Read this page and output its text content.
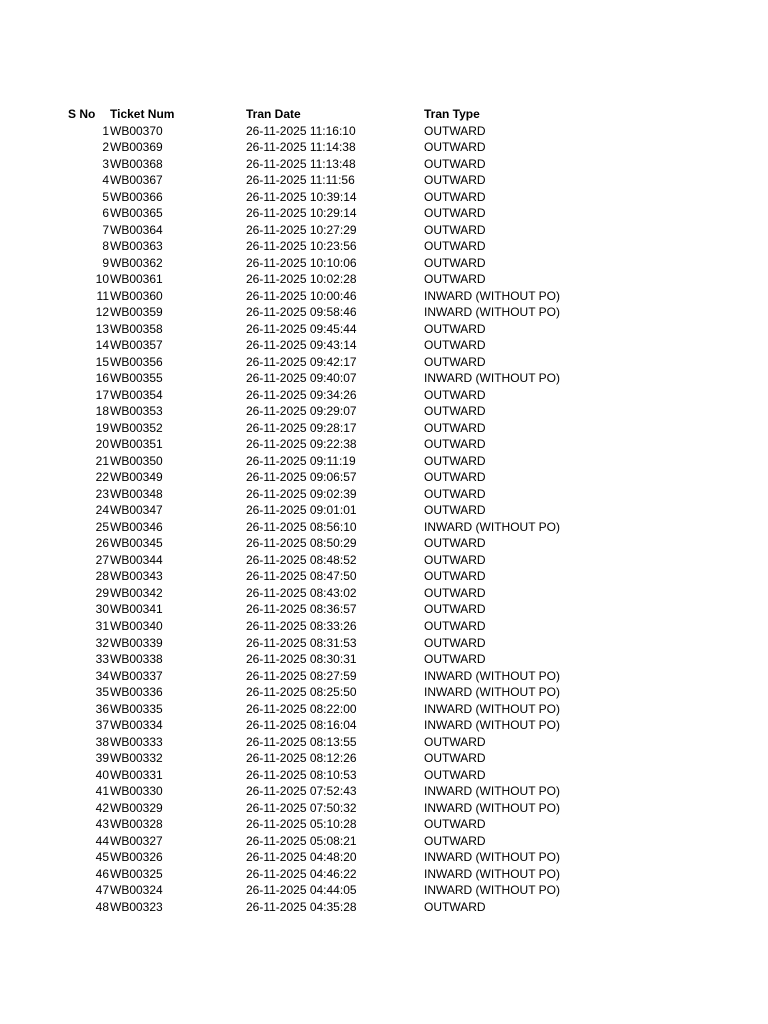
S No Ticket Num	Tran Date	Tran Type
1 WB00370	26-11-2025 11:16:10	OUTWARD
2 WB00369	26-11-2025 11:14:38	OUTWARD
3 WB00368	26-11-2025 11:13:48	OUTWARD
4 WB00367	26-11-2025 11:11:56	OUTWARD
5 WB00366	26-11-2025 10:39:14	OUTWARD
6 WB00365	26-11-2025 10:29:14	OUTWARD
7 WB00364	26-11-2025 10:27:29	OUTWARD
8 WB00363	26-11-2025 10:23:56	OUTWARD
9 WB00362	26-11-2025 10:10:06	OUTWARD
10 WB00361	26-11-2025 10:02:28	OUTWARD
11 WB00360	26-11-2025 10:00:46	INWARD (WITHOUT PO)
12 WB00359	26-11-2025 09:58:46	INWARD (WITHOUT PO)
13 WB00358	26-11-2025 09:45:44	OUTWARD
14 WB00357	26-11-2025 09:43:14	OUTWARD
15 WB00356	26-11-2025 09:42:17	OUTWARD
16 WB00355	26-11-2025 09:40:07	INWARD (WITHOUT PO)
17 WB00354	26-11-2025 09:34:26	OUTWARD
18 WB00353	26-11-2025 09:29:07	OUTWARD
19 WB00352	26-11-2025 09:28:17	OUTWARD
20 WB00351	26-11-2025 09:22:38	OUTWARD
21 WB00350	26-11-2025 09:11:19	OUTWARD
22 WB00349	26-11-2025 09:06:57	OUTWARD
23 WB00348	26-11-2025 09:02:39	OUTWARD
24 WB00347	26-11-2025 09:01:01	OUTWARD
25 WB00346	26-11-2025 08:56:10	INWARD (WITHOUT PO)
26 WB00345	26-11-2025 08:50:29	OUTWARD
27 WB00344	26-11-2025 08:48:52	OUTWARD
28 WB00343	26-11-2025 08:47:50	OUTWARD
29 WB00342	26-11-2025 08:43:02	OUTWARD
30 WB00341	26-11-2025 08:36:57	OUTWARD
31 WB00340	26-11-2025 08:33:26	OUTWARD
32 WB00339	26-11-2025 08:31:53	OUTWARD
33 WB00338	26-11-2025 08:30:31	OUTWARD
34 WB00337	26-11-2025 08:27:59	INWARD (WITHOUT PO)
35 WB00336	26-11-2025 08:25:50	INWARD (WITHOUT PO)
36 WB00335	26-11-2025 08:22:00	INWARD (WITHOUT PO)
37 WB00334	26-11-2025 08:16:04	INWARD (WITHOUT PO)
38 WB00333	26-11-2025 08:13:55	OUTWARD
39 WB00332	26-11-2025 08:12:26	OUTWARD
40 WB00331	26-11-2025 08:10:53	OUTWARD
41 WB00330	26-11-2025 07:52:43	INWARD (WITHOUT PO)
42 WB00329	26-11-2025 07:50:32	INWARD (WITHOUT PO)
43 WB00328	26-11-2025 05:10:28	OUTWARD
44 WB00327	26-11-2025 05:08:21	OUTWARD
45 WB00326	26-11-2025 04:48:20	INWARD (WITHOUT PO)
46 WB00325	26-11-2025 04:46:22	INWARD (WITHOUT PO)
47 WB00324	26-11-2025 04:44:05	INWARD (WITHOUT PO)
48 WB00323	26-11-2025 04:35:28	OUTWARD
